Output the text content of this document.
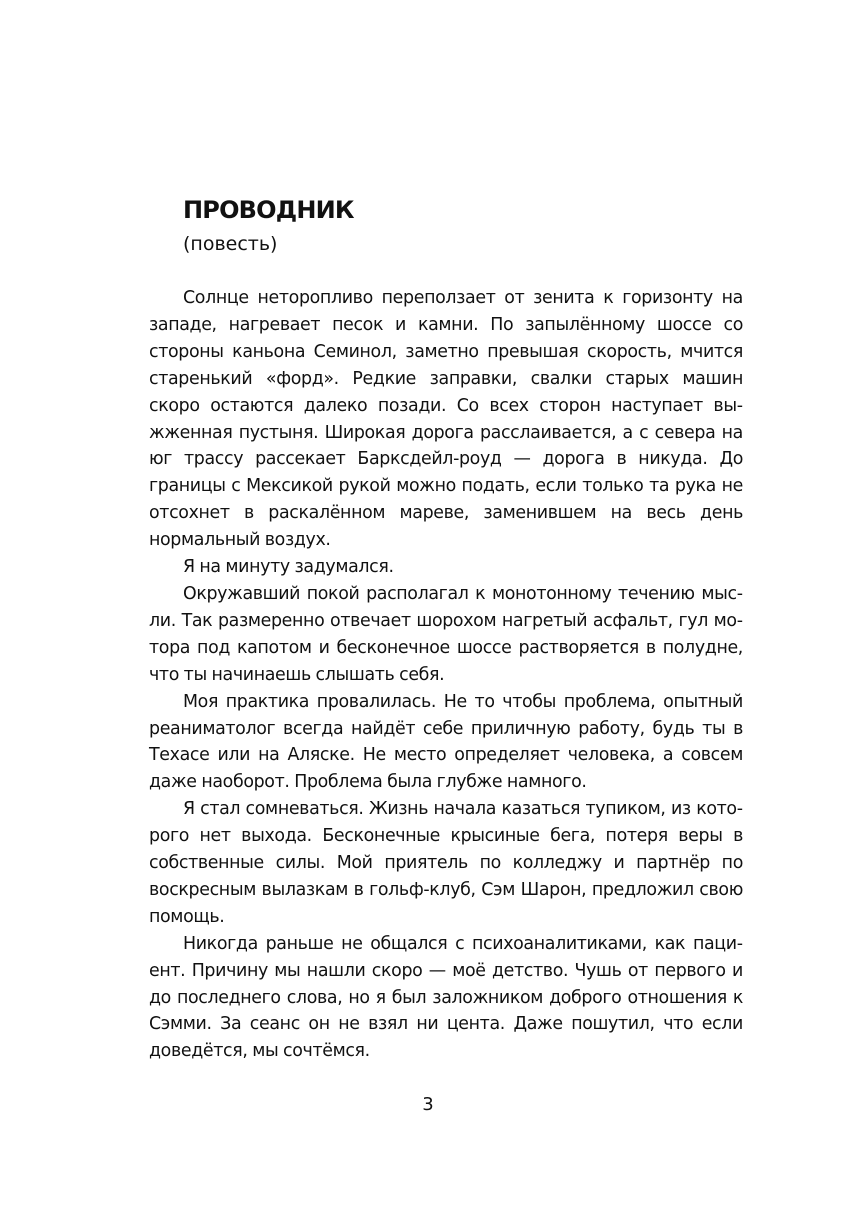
ПРОВОДНИК
(повесть)

Солнце неторопливо переползает от зенита к горизонту на западе, нагревает песок и камни. По запылённому шоссе со стороны каньона Семинол, заметно превышая скорость, мчится старенький «форд». Редкие заправки, свалки старых машин скоро остаются далеко позади. Со всех сторон наступает выжженная пустыня. Широкая дорога расслаивается, а с севера на юг трассу рассекает Барксдейл-роуд — дорога в никуда. До границы с Мексикой рукой можно подать, если только та рука не отсохнет в раскалённом мареве, заменившем на весь день нормальный воздух.

Я на минуту задумался.

Окружавший покой располагал к монотонному течению мысли. Так размеренно отвечает шорохом нагретый асфальт, гул мотора под капотом и бесконечное шоссе растворяется в полудне, что ты начинаешь слышать себя.

Моя практика провалилась. Не то чтобы проблема, опытный реаниматолог всегда найдёт себе приличную работу, будь ты в Техасе или на Аляске. Не место определяет человека, а совсем даже наоборот. Проблема была глубже намного.

Я стал сомневаться. Жизнь начала казаться тупиком, из которого нет выхода. Бесконечные крысиные бега, потеря веры в собственные силы. Мой приятель по колледжу и партнёр по воскресным вылазкам в гольф-клуб, Сэм Шарон, предложил свою помощь.

Никогда раньше не общался с психоаналитиками, как пациент. Причину мы нашли скоро — моё детство. Чушь от первого и до последнего слова, но я был заложником доброго отношения к Сэмми. За сеанс он не взял ни цента. Даже пошутил, что если доведётся, мы сочтёмся.

3
